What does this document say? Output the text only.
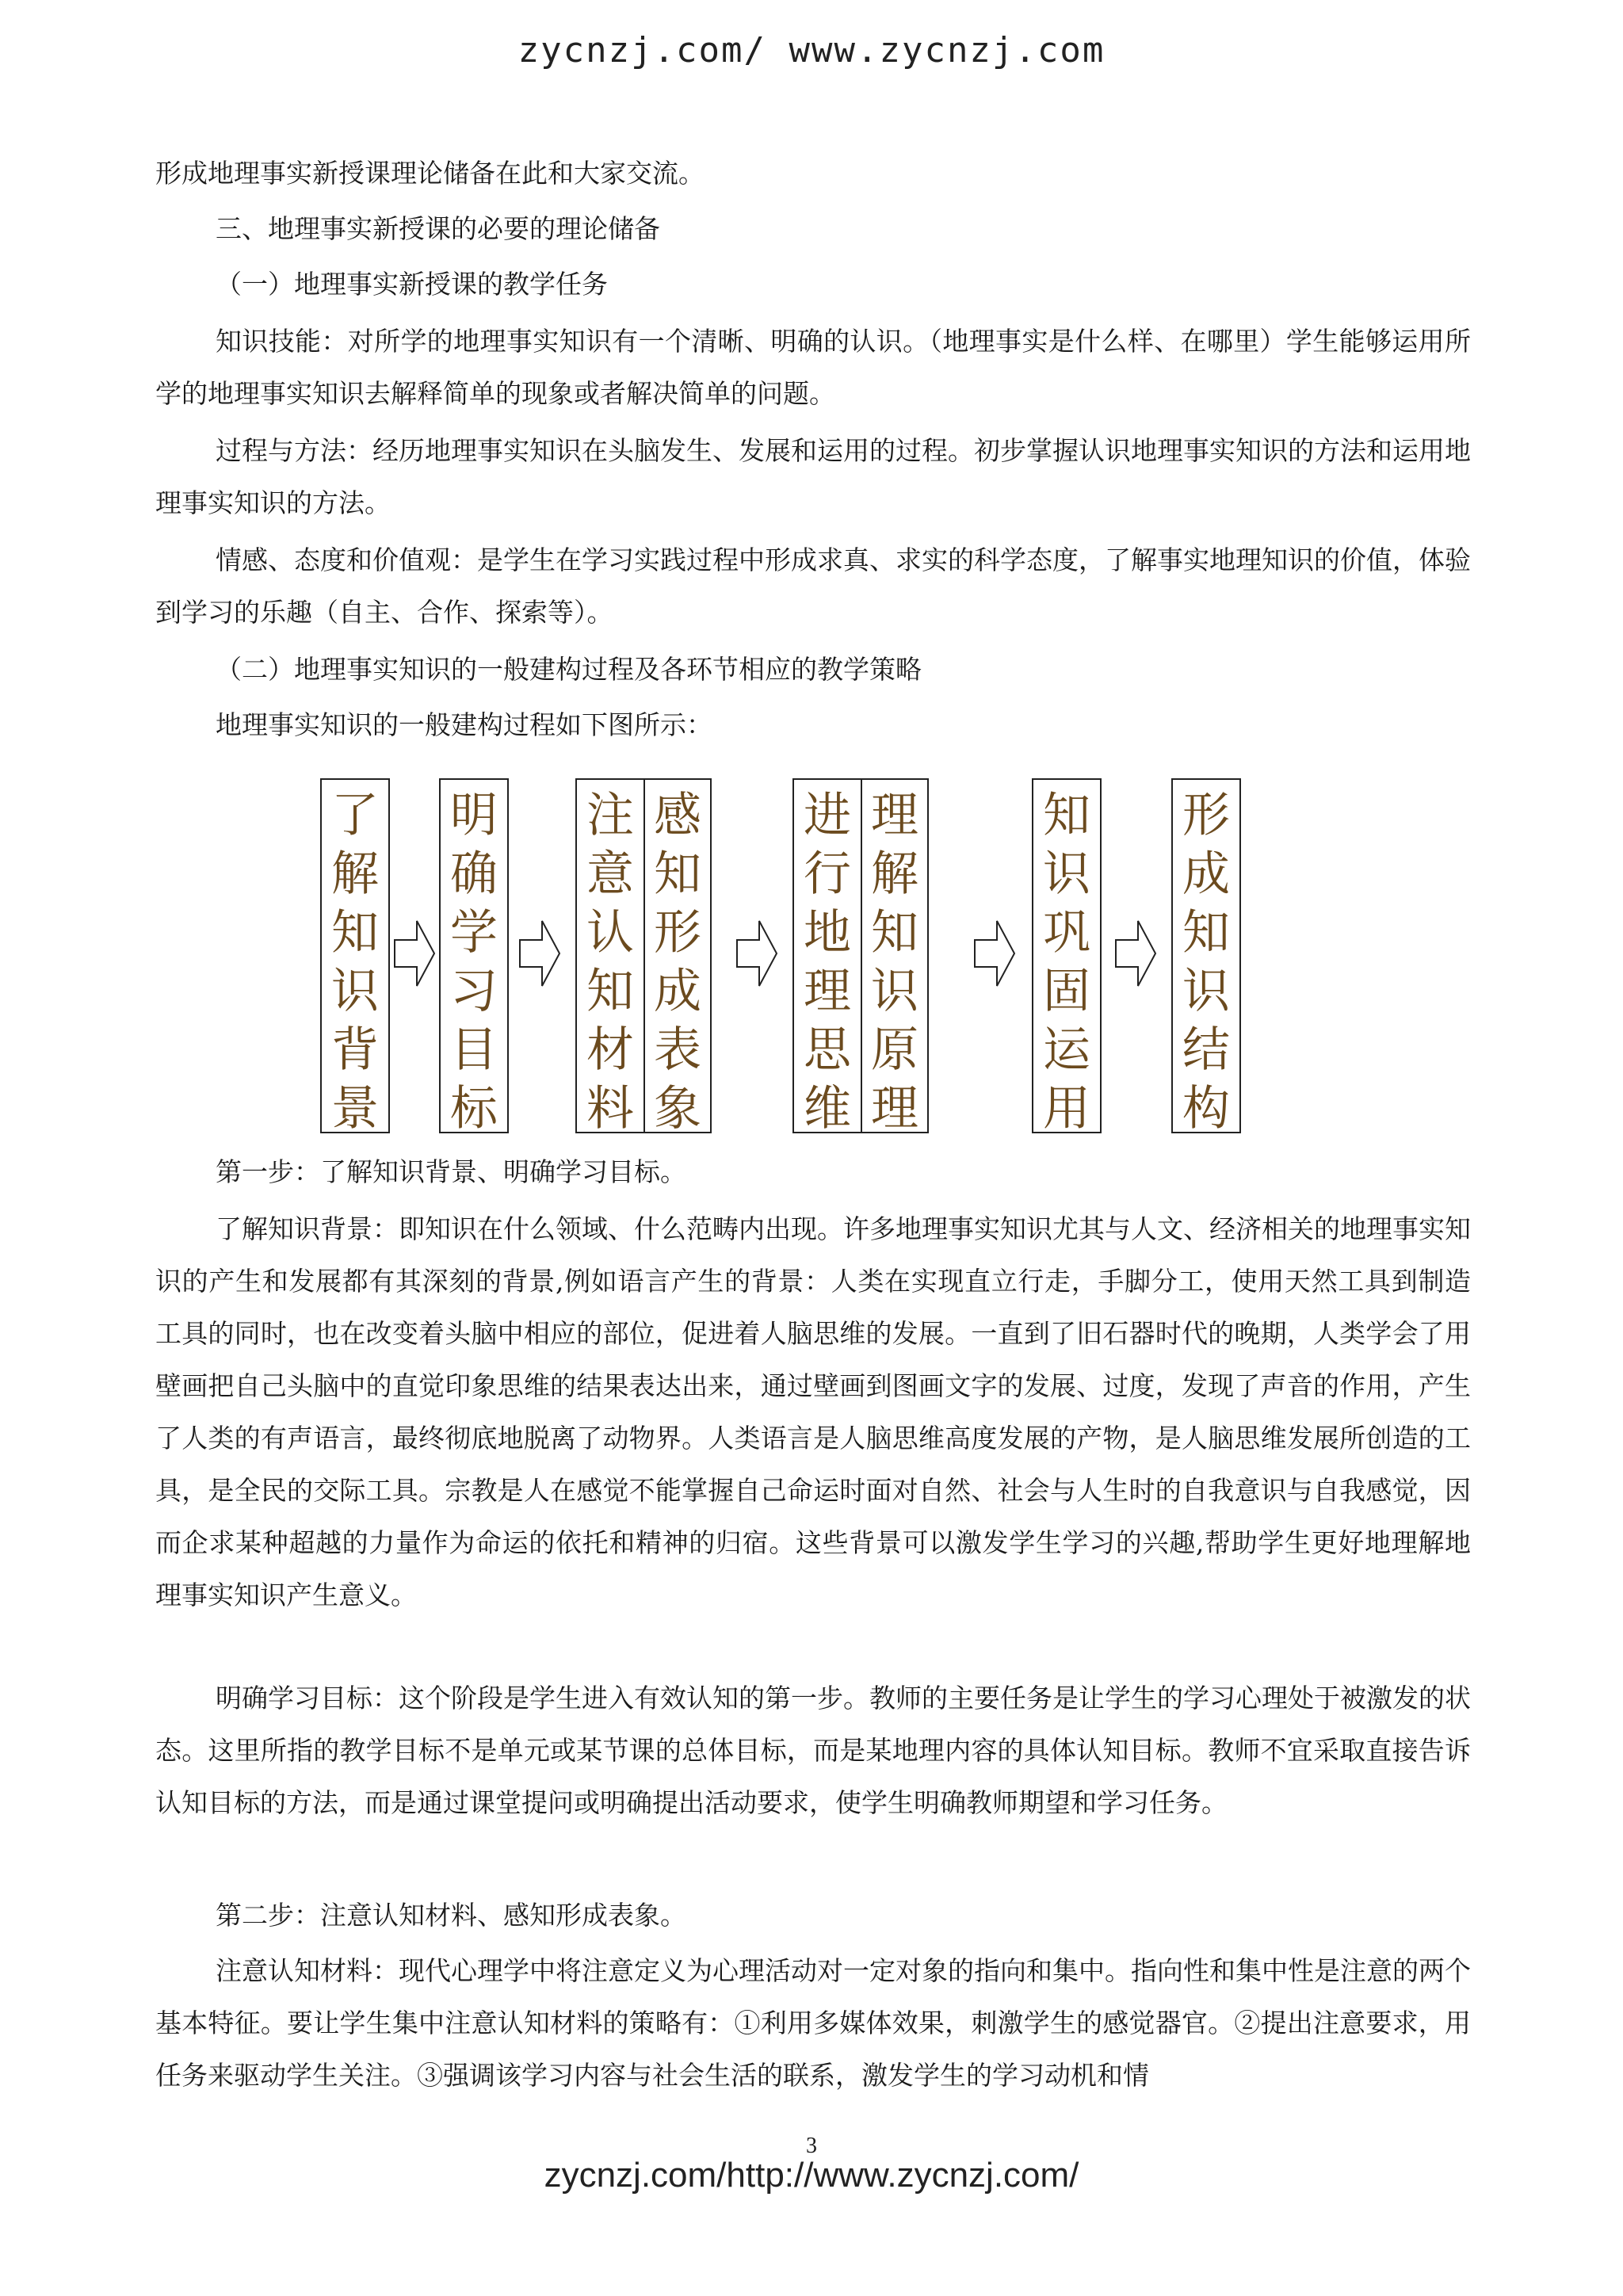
zycnzj.com/ www.zycnzj.com

形成地理事实新授课理论储备在此和大家交流。

三、地理事实新授课的必要的理论储备

（一）地理事实新授课的教学任务

知识技能：对所学的地理事实知识有一个清晰、明确的认识。（地理事实是什么样、在哪里）学生能够运用所学的地理事实知识去解释简单的现象或者解决简单的问题。

过程与方法：经历地理事实知识在头脑发生、发展和运用的过程。初步掌握认识地理事实知识的方法和运用地理事实知识的方法。

情感、态度和价值观：是学生在学习实践过程中形成求真、求实的科学态度，了解事实地理知识的价值，体验到学习的乐趣（自主、合作、探索等）。

（二）地理事实知识的一般建构过程及各环节相应的教学策略

地理事实知识的一般建构过程如下图所示：

了
解
知
识
背
景
明
确
学
习
目
标
注
意
认
知
材
料
感
知
形
成
表
象
进
行
地
理
思
维
理
解
知
识
原
理
知
识
巩
固
运
用
形
成
知
识
结
构

第一步：了解知识背景、明确学习目标。

了解知识背景：即知识在什么领域、什么范畴内出现。许多地理事实知识尤其与人文、经济相关的地理事实知识的产生和发展都有其深刻的背景,例如语言产生的背景：人类在实现直立行走，手脚分工，使用天然工具到制造工具的同时，也在改变着头脑中相应的部位，促进着人脑思维的发展。一直到了旧石器时代的晚期，人类学会了用壁画把自己头脑中的直觉印象思维的结果表达出来，通过壁画到图画文字的发展、过度，发现了声音的作用，产生了人类的有声语言，最终彻底地脱离了动物界。人类语言是人脑思维高度发展的产物，是人脑思维发展所创造的工具，是全民的交际工具。宗教是人在感觉不能掌握自己命运时面对自然、社会与人生时的自我意识与自我感觉，因而企求某种超越的力量作为命运的依托和精神的归宿。这些背景可以激发学生学习的兴趣,帮助学生更好地理解地理事实知识产生意义。

明确学习目标：这个阶段是学生进入有效认知的第一步。教师的主要任务是让学生的学习心理处于被激发的状态。这里所指的教学目标不是单元或某节课的总体目标，而是某地理内容的具体认知目标。教师不宜采取直接告诉认知目标的方法，而是通过课堂提问或明确提出活动要求，使学生明确教师期望和学习任务。

第二步：注意认知材料、感知形成表象。

注意认知材料：现代心理学中将注意定义为心理活动对一定对象的指向和集中。指向性和集中性是注意的两个基本特征。要让学生集中注意认知材料的策略有：①利用多媒体效果，刺激学生的感觉器官。②提出注意要求，用任务来驱动学生关注。③强调该学习内容与社会生活的联系，激发学生的学习动机和情

3
zycnzj.com/http://www.zycnzj.com/
